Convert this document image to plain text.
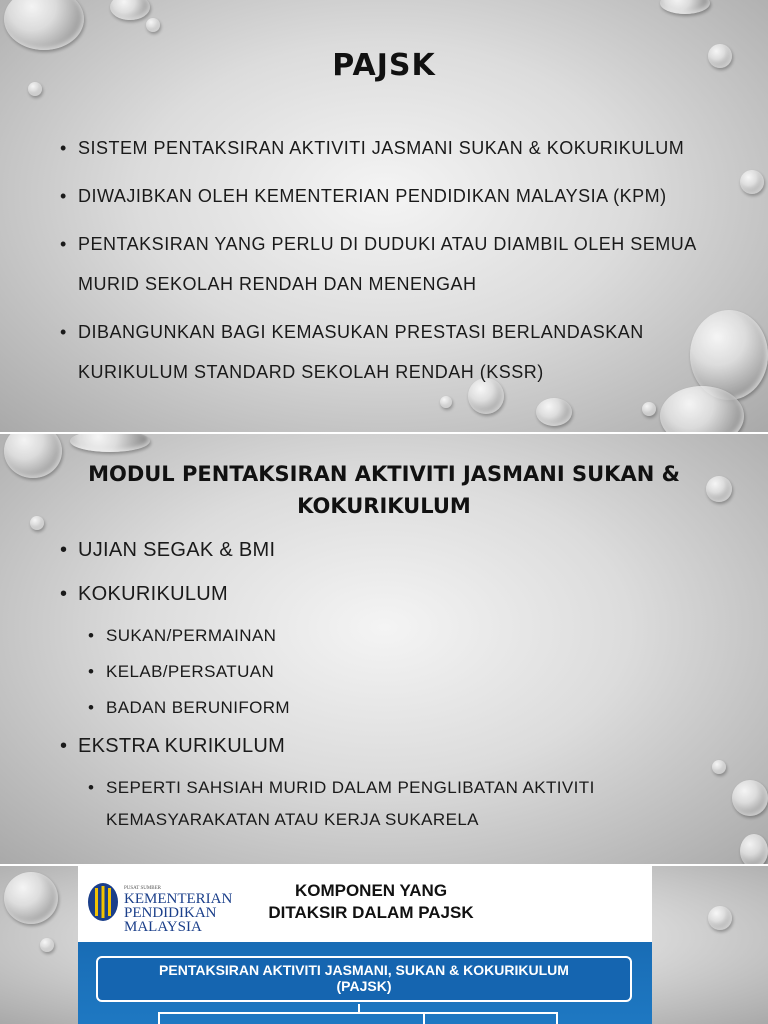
PAJSK
• SISTEM PENTAKSIRAN AKTIVITI JASMANI SUKAN & KOKURIKULUM
• DIWAJIBKAN OLEH KEMENTERIAN PENDIDIKAN MALAYSIA (KPM)
• PENTAKSIRAN YANG PERLU DI DUDUKI ATAU DIAMBIL OLEH SEMUA MURID SEKOLAH RENDAH DAN MENENGAH
• DIBANGUNKAN BAGI KEMASUKAN PRESTASI BERLANDASKAN KURIKULUM STANDARD SEKOLAH RENDAH (KSSR)
MODUL PENTAKSIRAN AKTIVITI JASMANI SUKAN & KOKURIKULUM
• UJIAN SEGAK & BMI
• KOKURIKULUM
• SUKAN/PERMAINAN
• KELAB/PERSATUAN
• BADAN BERUNIFORM
• EKSTRA KURIKULUM
• SEPERTI SAHSIAH MURID DALAM PENGLIBATAN AKTIVITI KEMASYARAKATAN ATAU KERJA SUKARELA
PUSAT SUMBER
KEMENTERIAN
PENDIDIKAN
MALAYSIA
KOMPONEN YANG
DITAKSIR DALAM PAJSK
PENTAKSIRAN AKTIVITI JASMANI, SUKAN & KOKURIKULUM
(PAJSK)
